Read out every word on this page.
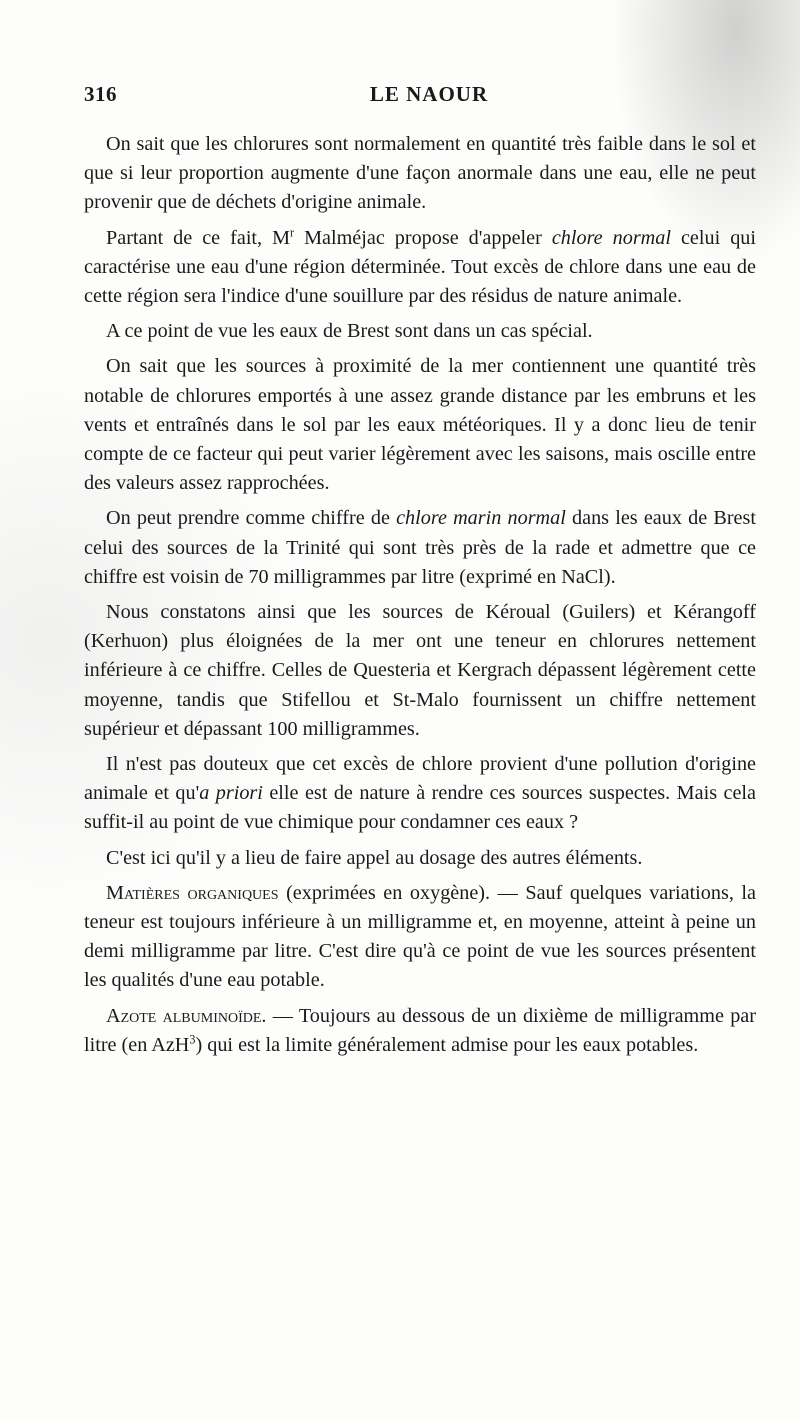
316	LE NAOUR

On sait que les chlorures sont normalement en quantité très faible dans le sol et que si leur proportion augmente d'une façon anormale dans une eau, elle ne peut provenir que de déchets d'origine animale.

Partant de ce fait, $M^r$ Malméjac propose d'appeler chlore normal celui qui caractérise une eau d'une région déterminée. Tout excès de chlore dans une eau de cette région sera l'indice d'une souillure par des résidus de nature animale.

A ce point de vue les eaux de Brest sont dans un cas spécial.

On sait que les sources à proximité de la mer contiennent une quantité très notable de chlorures emportés à une assez grande distance par les embruns et les vents et entraînés dans le sol par les eaux météoriques. Il y a donc lieu de tenir compte de ce facteur qui peut varier légèrement avec les saisons, mais oscille entre des valeurs assez rapprochées.

On peut prendre comme chiffre de chlore marin normal dans les eaux de Brest celui des sources de la Trinité qui sont très près de la rade et admettre que ce chiffre est voisin de 70 milligrammes par litre (exprimé en NaCl).

Nous constatons ainsi que les sources de Kéroual (Guilers) et Kérangoff (Kerhuon) plus éloignées de la mer ont une teneur en chlorures nettement inférieure à ce chiffre. Celles de Questeria et Kergrach dépassent légèrement cette moyenne, tandis que Stifellou et St-Malo fournissent un chiffre nettement supérieur et dépassant 100 milligrammes.

Il n'est pas douteux que cet excès de chlore provient d'une pollution d'origine animale et qu'a priori elle est de nature à rendre ces sources suspectes. Mais cela suffit-il au point de vue chimique pour condamner ces eaux ?

C'est ici qu'il y a lieu de faire appel au dosage des autres éléments.

Matières organiques (exprimées en oxygène). — Sauf quelques variations, la teneur est toujours inférieure à un milligramme et, en moyenne, atteint à peine un demi milligramme par litre. C'est dire qu'à ce point de vue les sources présentent les qualités d'une eau potable.

Azote albuminoïde. — Toujours au dessous de un dixième de milligramme par litre (en AzH$^3$) qui est la limite généralement admise pour les eaux potables.
